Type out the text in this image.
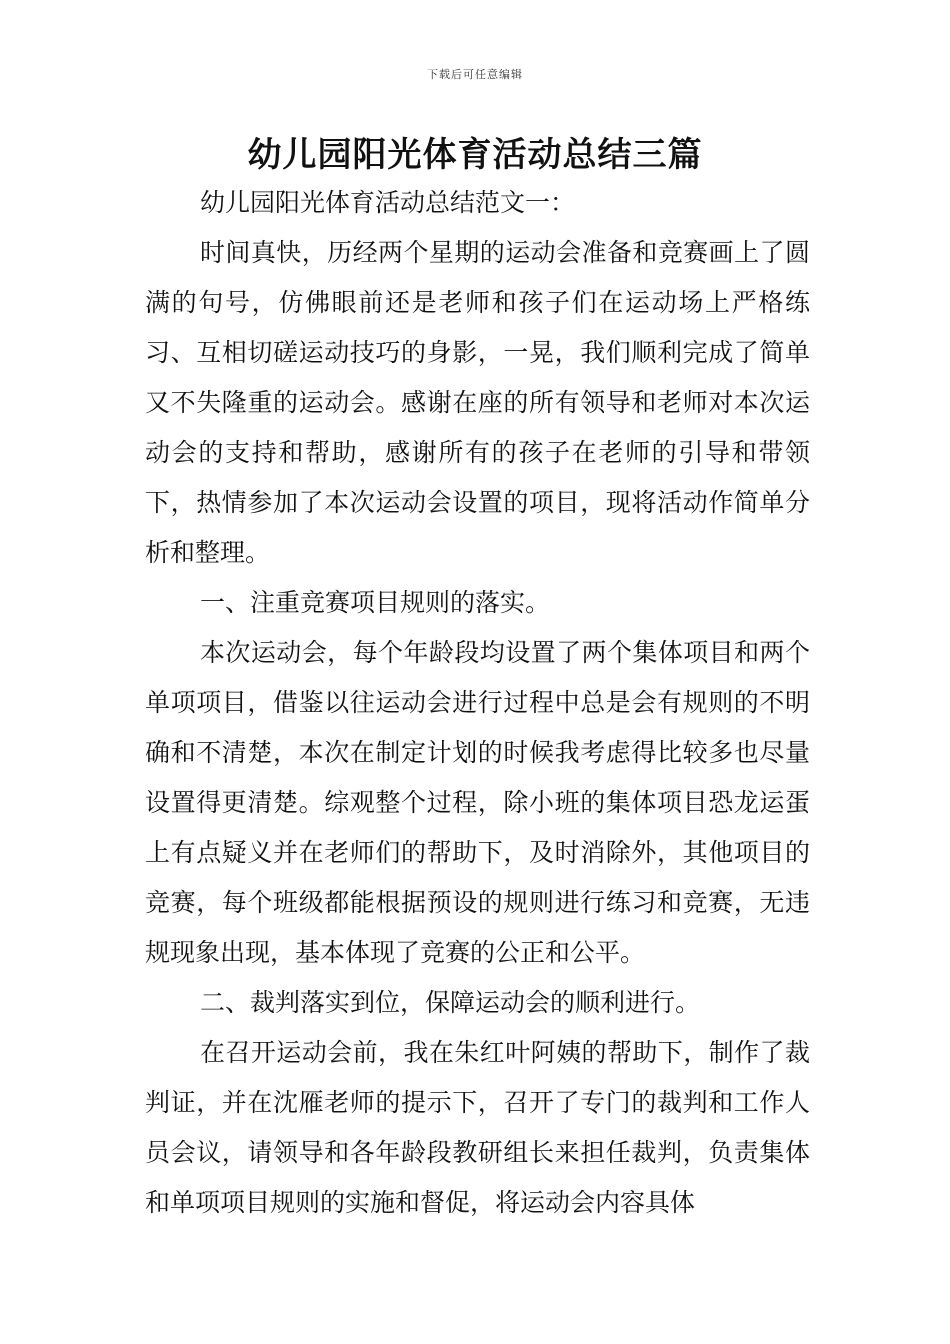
下载后可任意编辑
幼儿园阳光体育活动总结三篇

幼儿园阳光体育活动总结范文一：

时间真快，历经两个星期的运动会准备和竞赛画上了圆满的句号，仿佛眼前还是老师和孩子们在运动场上严格练习、互相切磋运动技巧的身影，一晃，我们顺利完成了简单又不失隆重的运动会。感谢在座的所有领导和老师对本次运动会的支持和帮助，感谢所有的孩子在老师的引导和带领下，热情参加了本次运动会设置的项目，现将活动作简单分析和整理。

一、注重竞赛项目规则的落实。

本次运动会，每个年龄段均设置了两个集体项目和两个单项项目，借鉴以往运动会进行过程中总是会有规则的不明确和不清楚，本次在制定计划的时候我考虑得比较多也尽量设置得更清楚。综观整个过程，除小班的集体项目恐龙运蛋上有点疑义并在老师们的帮助下，及时消除外，其他项目的竞赛，每个班级都能根据预设的规则进行练习和竞赛，无违规现象出现，基本体现了竞赛的公正和公平。

二、裁判落实到位，保障运动会的顺利进行。

在召开运动会前，我在朱红叶阿姨的帮助下，制作了裁判证，并在沈雁老师的提示下，召开了专门的裁判和工作人员会议，请领导和各年龄段教研组长来担任裁判，负责集体和单项项目规则的实施和督促，将运动会内容具体
